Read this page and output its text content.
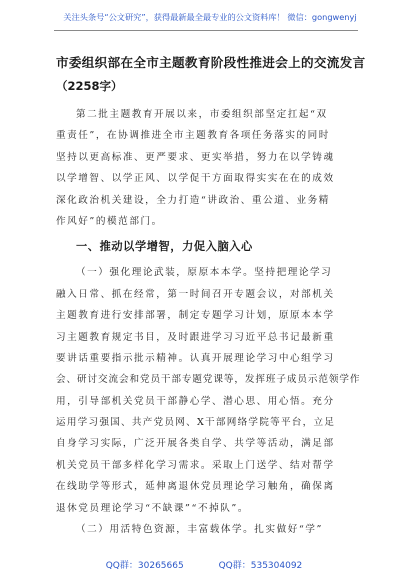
关注头条号“公文研究”，获得最新最全最专业的公文资料库！ 微信：gongwenyj
市委组织部在全市主题教育阶段性推进会上的交流发言
（2258字）
第二批主题教育开展以来，市委组织部坚定扛起“双
重责任”，在协调推进全市主题教育各项任务落实的同时
坚持以更高标准、更严要求、更实举措，努力在以学铸魂
以学增智、以学正风、以学促干方面取得实实在在的成效
深化政治机关建设，全力打造“讲政治、重公道、业务精
作风好”的模范部门。
一、推动以学增智，力促入脑入心
（一）强化理论武装，原原本本学。坚持把理论学习
融入日常、抓在经常，第一时间召开专题会议，对部机关
主题教育进行安排部署，制定专题学习计划，原原本本学
习主题教育规定书目，及时跟进学习习近平总书记最新重
要讲话重要指示批示精神。认真开展理论学习中心组学习
会、研讨交流会和党员干部专题党课等，发挥班子成员示范领学作
用，引导部机关党员干部静心学、潜心思、用心悟。充分
运用学习强国、共产党员网、X干部网络学院等平台，立足
自身学习实际，广泛开展各类自学、共学等活动，满足部
机关党员干部多样化学习需求。采取上门送学、结对帮学
在线助学等形式，延伸离退休党员理论学习触角，确保离
退休党员理论学习“不缺课”“不掉队”。
（二）用活特色资源，丰富载体学。扎实做好“学”
QQ群：30265665	QQ群：535304092
